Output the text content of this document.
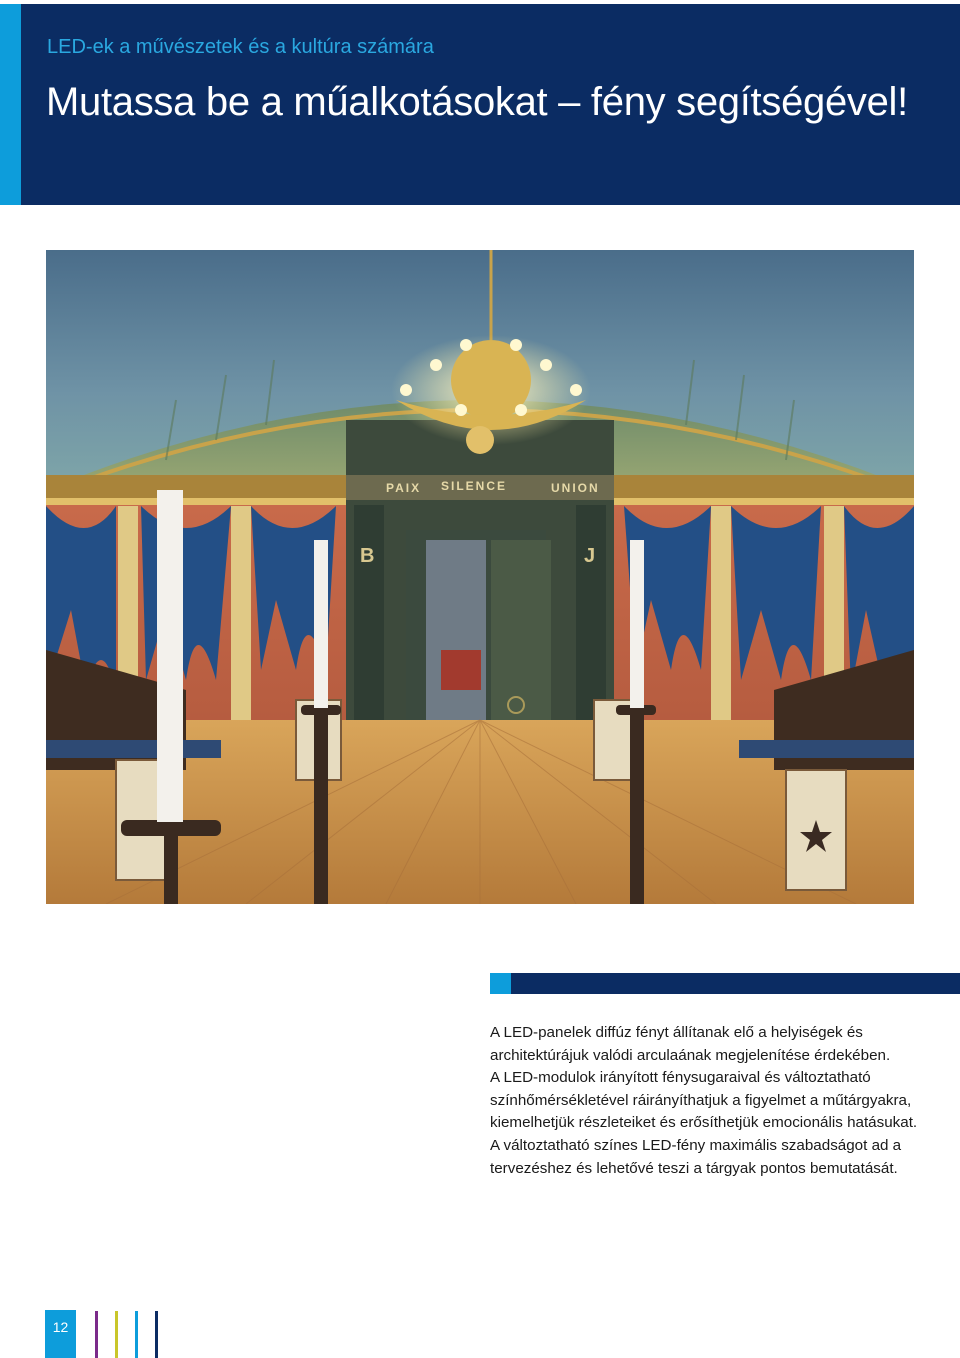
LED-ek a művészetek és a kultúra számára
Mutassa be a műalkotásokat – fény segítségével!
PAIX SILENCE	UNION
B	J

A LED-panelek diffúz fényt állítanak elő a helyiségek és architektúrájuk valódi arculaának megjelenítése érdekében.

A LED-modulok irányított fénysugaraival és változtatható színhőmérsékletével ráirányíthatjuk a figyelmet a műtárgyakra, kiemelhetjük részleteiket és erősíthetjük emocionális hatásukat.

A változtatható színes LED-fény maximális szabadságot ad a tervezéshez és lehetővé teszi a tárgyak pontos bemutatását.

12
